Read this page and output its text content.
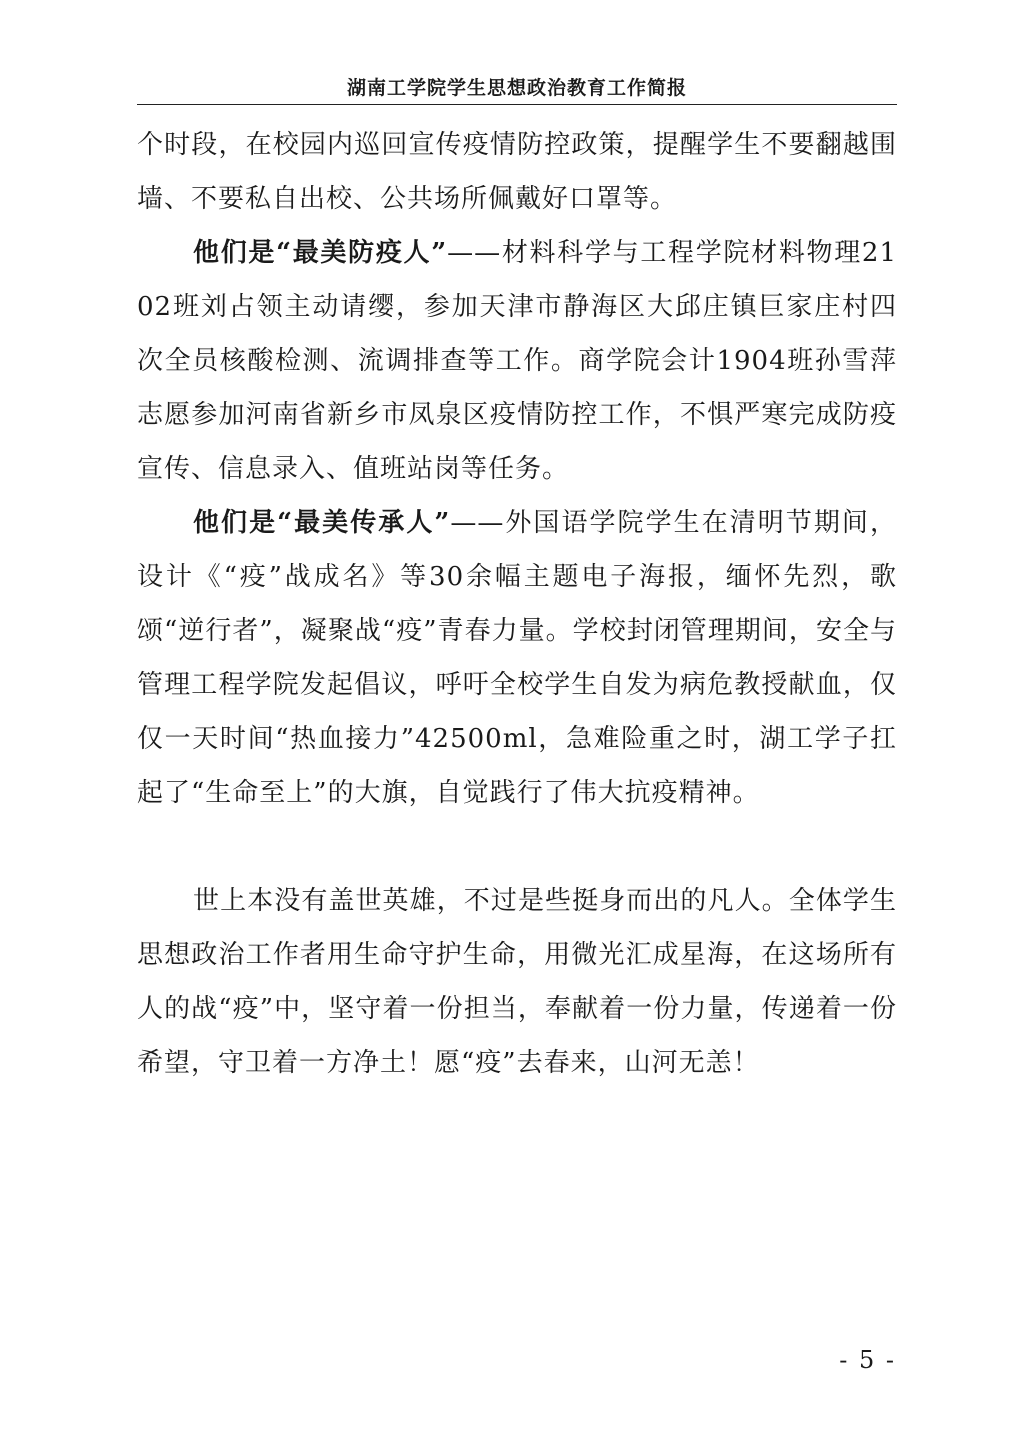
湖南工学院学生思想政治教育工作简报

个时段，在校园内巡回宣传疫情防控政策，提醒学生不要翻越围墙、不要私自出校、公共场所佩戴好口罩等。

他们是“最美防疫人”——材料科学与工程学院材料物理2102班刘占领主动请缨，参加天津市静海区大邱庄镇巨家庄村四次全员核酸检测、流调排查等工作。商学院会计1904班孙雪萍志愿参加河南省新乡市凤泉区疫情防控工作，不惧严寒完成防疫宣传、信息录入、值班站岗等任务。

他们是“最美传承人”——外国语学院学生在清明节期间，设计《“疫”战成名》等30余幅主题电子海报，缅怀先烈，歌颂“逆行者”，凝聚战“疫”青春力量。学校封闭管理期间，安全与管理工程学院发起倡议，呼吁全校学生自发为病危教授献血，仅仅一天时间“热血接力”42500ml，急难险重之时，湖工学子扛起了“生命至上”的大旗，自觉践行了伟大抗疫精神。

世上本没有盖世英雄，不过是些挺身而出的凡人。全体学生思想政治工作者用生命守护生命，用微光汇成星海，在这场所有人的战“疫”中，坚守着一份担当，奉献着一份力量，传递着一份希望，守卫着一方净土！愿“疫”去春来，山河无恙！

- 5 -
